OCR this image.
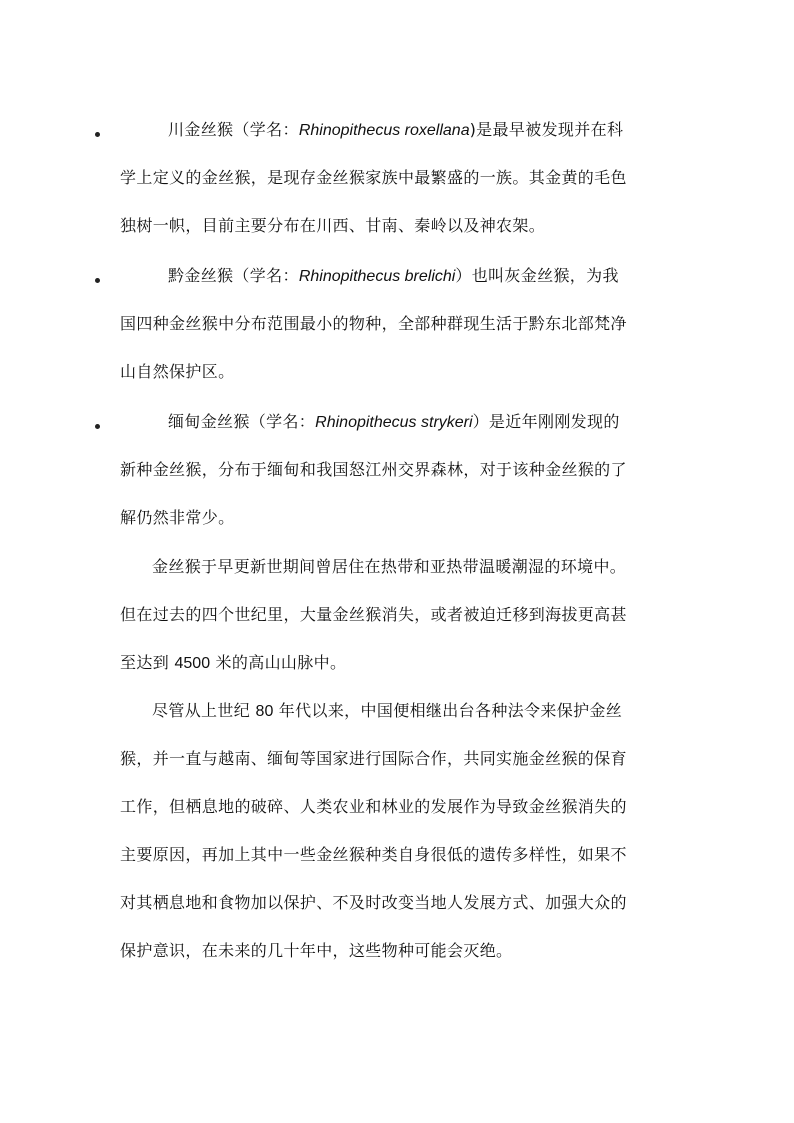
川金丝猴（学名：Rhinopithecus roxellana)是最早被发现并在科
学上定义的金丝猴，是现存金丝猴家族中最繁盛的一族。其金黄的毛色
独树一帜，目前主要分布在川西、甘南、秦岭以及神农架。
黔金丝猴（学名：Rhinopithecus brelichi）也叫灰金丝猴，为我
国四种金丝猴中分布范围最小的物种，全部种群现生活于黔东北部梵净
山自然保护区。
缅甸金丝猴（学名：Rhinopithecus strykeri）是近年刚刚发现的
新种金丝猴，分布于缅甸和我国怒江州交界森林，对于该种金丝猴的了
解仍然非常少。
金丝猴于早更新世期间曾居住在热带和亚热带温暖潮湿的环境中。
但在过去的四个世纪里，大量金丝猴消失，或者被迫迁移到海拔更高甚
至达到 4500 米的高山山脉中。
尽管从上世纪 80 年代以来，中国便相继出台各种法令来保护金丝
猴，并一直与越南、缅甸等国家进行国际合作，共同实施金丝猴的保育
工作，但栖息地的破碎、人类农业和林业的发展作为导致金丝猴消失的
主要原因，再加上其中一些金丝猴种类自身很低的遗传多样性，如果不
对其栖息地和食物加以保护、不及时改变当地人发展方式、加强大众的
保护意识，在未来的几十年中，这些物种可能会灭绝。
